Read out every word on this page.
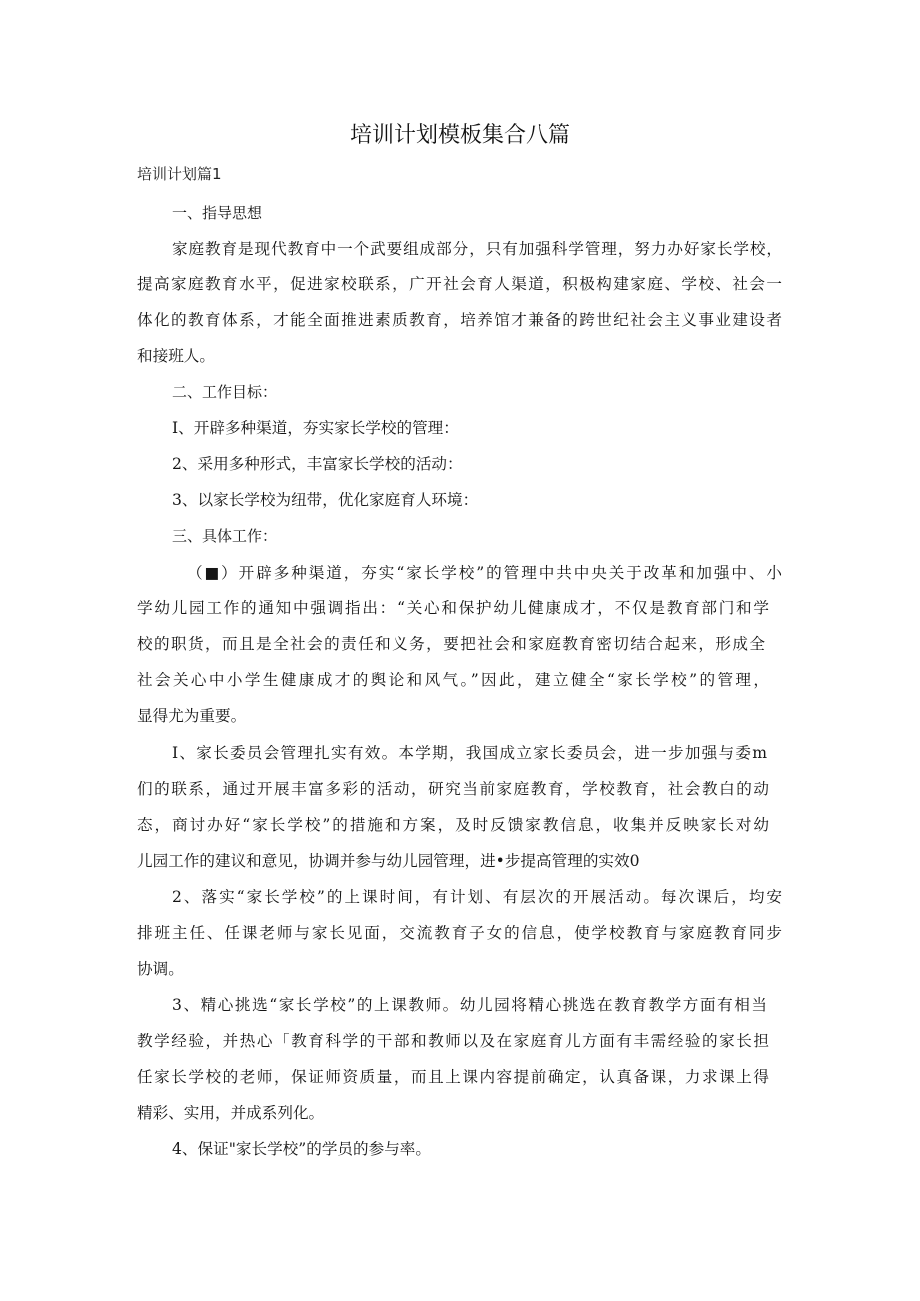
培训计划模板集合八篇
培训计划篇1
一、指导思想
家庭教育是现代教育中一个武要组成部分，只有加强科学管理，努力办好家长学校，
提高家庭教育水平，促进家校联系，广开社会育人渠道，积极构建家庭、学校、社会一
体化的教育体系，才能全面推进素质教育，培养馆才兼备的跨世纪社会主义事业建设者
和接班人。
二、工作目标：
I、开辟多种渠道，夯实家长学校的管理：
2、采用多种形式，丰富家长学校的活动：
3、以家长学校为纽带，优化家庭育人环境：
三、具体工作：
（■）开辟多种渠道，夯实“家长学校”的管理中共中央关于改革和加强中、小
学幼儿园工作的通知中强调指出：“关心和保护幼儿健康成才，不仅是教育部门和学
校的职货，而且是全社会的责任和义务，要把社会和家庭教育密切结合起来，形成全
社会关心中小学生健康成才的舆论和风气。”因此，建立健全“家长学校”的管理，
显得尤为重要。
I、家长委员会管理扎实有效。本学期，我国成立家长委员会，进一步加强与委m
们的联系，通过开展丰富多彩的活动，研究当前家庭教育，学校教育，社会教白的动
态，商讨办好“家长学校”的措施和方案，及时反馈家教信息，收集并反映家长对幼
儿园工作的建议和意见，协调并参与幼儿园管理，进•步提高管理的实效0
2、落实“家长学校”的上课时间，有计划、有层次的开展活动。每次课后，均安
排班主任、任课老师与家长见面，交流教育子女的信息，使学校教育与家庭教育同步
协调。
3、精心挑选“家长学校”的上课教师。幼儿园将精心挑选在教育教学方面有相当
教学经验，并热心「教育科学的干部和教师以及在家庭育儿方面有丰需经验的家长担
任家长学校的老师，保证师资质量，而且上课内容提前确定，认真备课，力求课上得
精彩、实用，并成系列化。
4、保证"家长学校”的学员的参与率。
